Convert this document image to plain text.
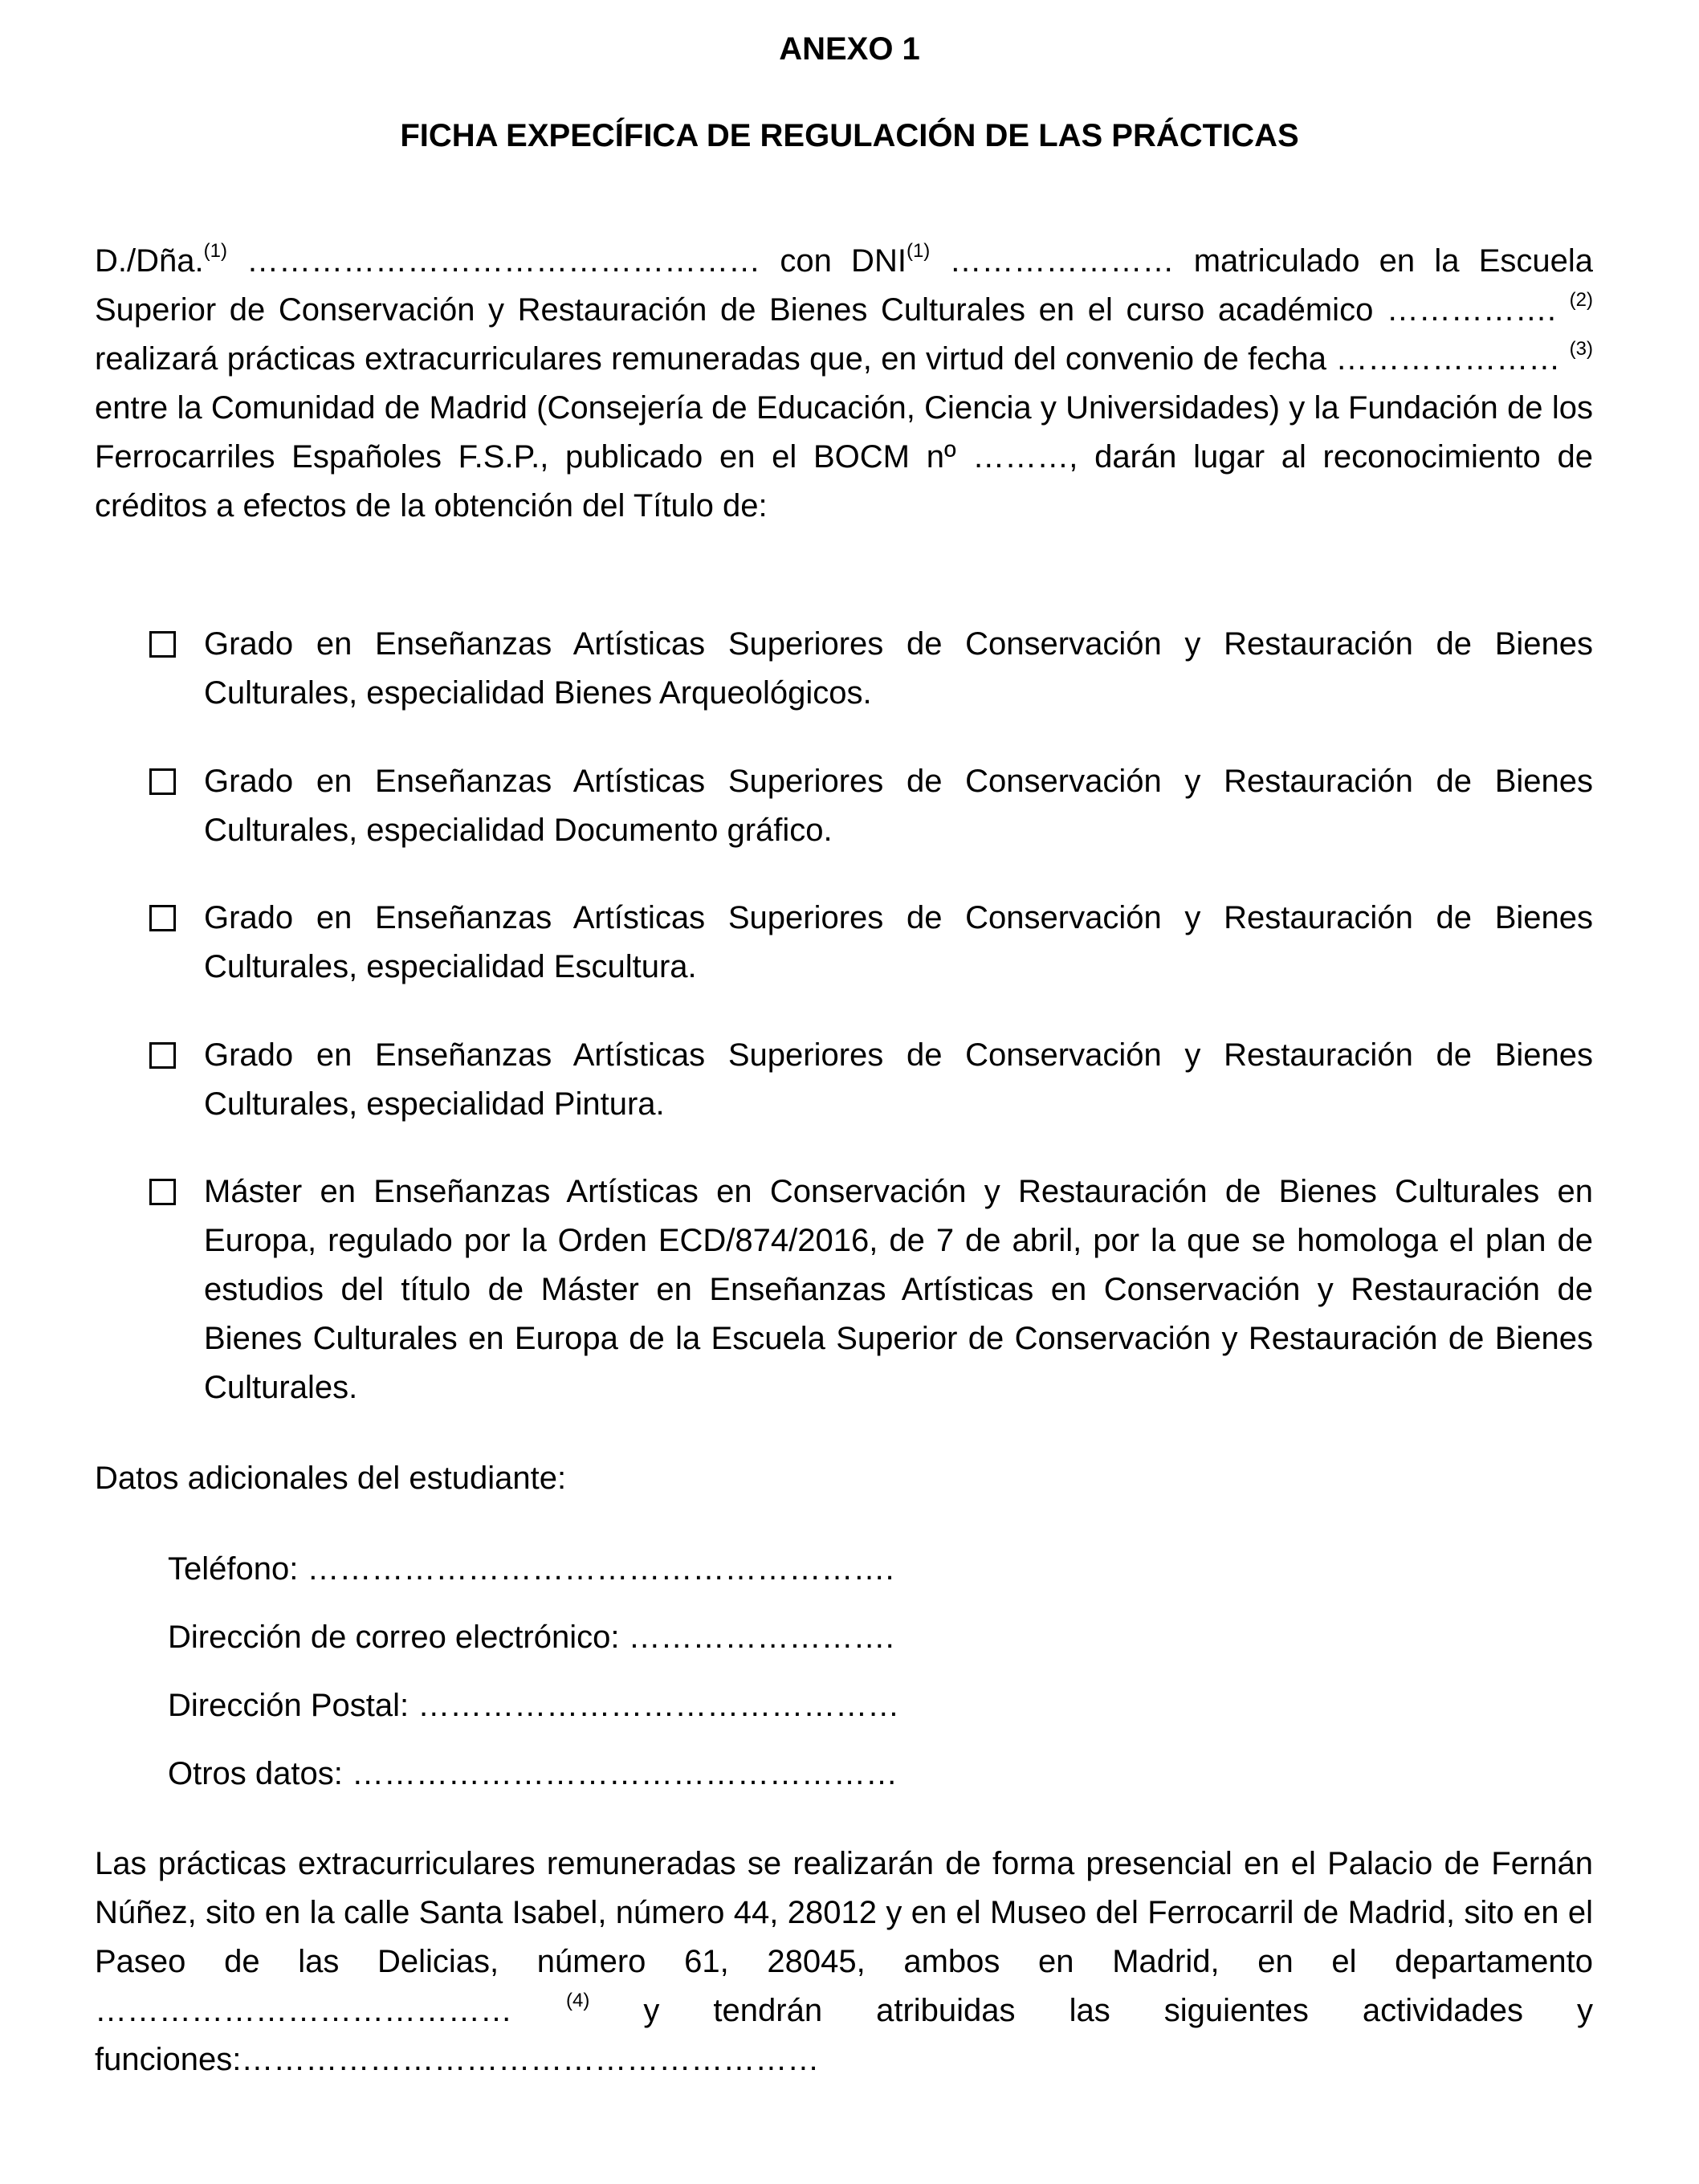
ANEXO 1
FICHA EXPECÍFICA DE REGULACIÓN DE LAS PRÁCTICAS
D./Dña.$^{(1)}$ ………………………………………… con DNI$^{(1)}$ ………………… matriculado en la Escuela Superior de Conservación y Restauración de Bienes Culturales en el curso académico ……………. $^{(2)}$ realizará prácticas extracurriculares remuneradas que, en virtud del convenio de fecha ………………… $^{(3)}$ entre la Comunidad de Madrid (Consejería de Educación, Ciencia y Universidades) y la Fundación de los Ferrocarriles Españoles F.S.P., publicado en el BOCM nº ………, darán lugar al reconocimiento de créditos a efectos de la obtención del Título de:
Grado en Enseñanzas Artísticas Superiores de Conservación y Restauración de Bienes Culturales, especialidad Bienes Arqueológicos.
Grado en Enseñanzas Artísticas Superiores de Conservación y Restauración de Bienes Culturales, especialidad Documento gráfico.
Grado en Enseñanzas Artísticas Superiores de Conservación y Restauración de Bienes Culturales, especialidad Escultura.
Grado en Enseñanzas Artísticas Superiores de Conservación y Restauración de Bienes Culturales, especialidad Pintura.
Máster en Enseñanzas Artísticas en Conservación y Restauración de Bienes Culturales en Europa, regulado por la Orden ECD/874/2016, de 7 de abril, por la que se homologa el plan de estudios del título de Máster en Enseñanzas Artísticas en Conservación y Restauración de Bienes Culturales en Europa de la Escuela Superior de Conservación y Restauración de Bienes Culturales.
Datos adicionales del estudiante:
Teléfono: ……………………………………………….
Dirección de correo electrónico: …………………….
Dirección Postal: ………………………………………
Otros datos: ……………………………………………
Las prácticas extracurriculares remuneradas se realizarán de forma presencial en el Palacio de Fernán Núñez, sito en la calle Santa Isabel, número 44, 28012 y en el Museo del Ferrocarril de Madrid, sito en el Paseo de las Delicias, número 61, 28045, ambos en Madrid, en el departamento …………………………………	$^{(4)}$ y tendrán atribuidas las siguientes actividades y funciones:………………………………………………
